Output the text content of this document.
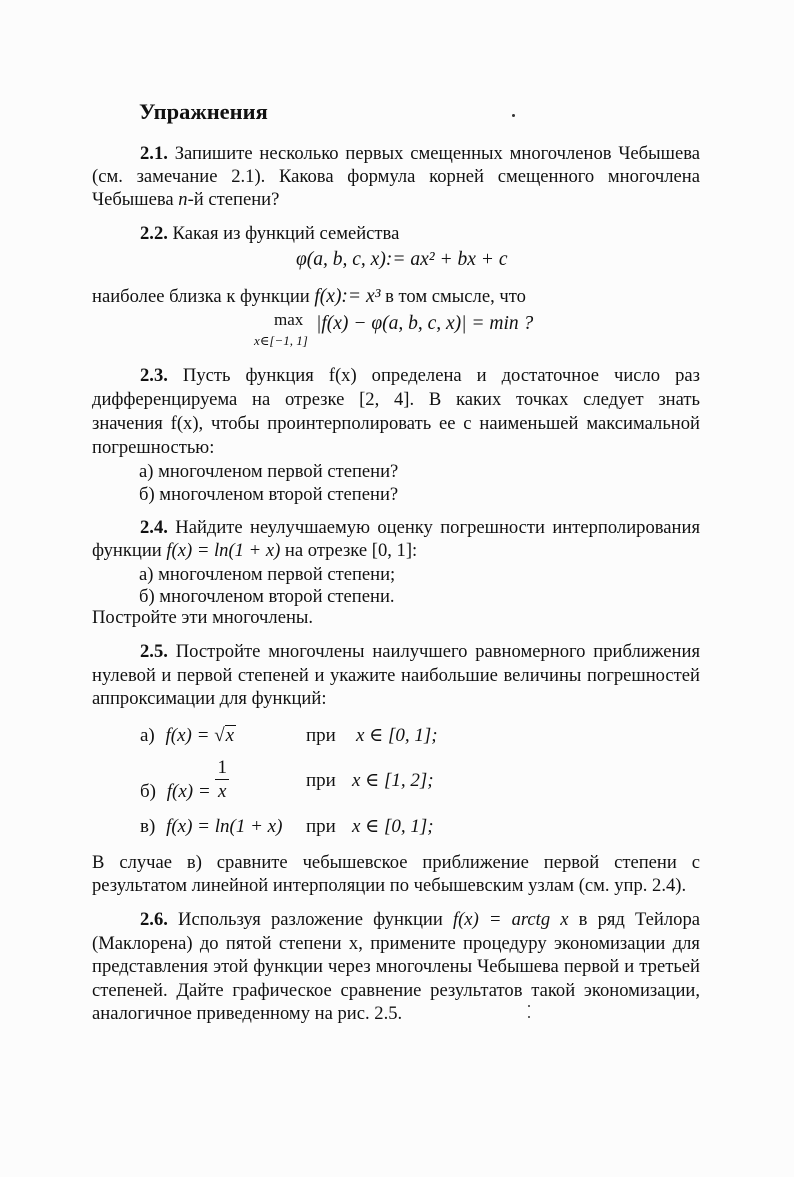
Упражнения
2.1. Запишите несколько первых смещенных многочленов Чебышева
(см. замечание 2.1). Какова формула корней смещенного многочлена
Чебышева n-й степени?
2.2. Какая из функций семейства
φ(a, b, c, x):= ax² + bx + c
наиболее близка к функции f(x):= x³ в том смысле, что
max
x∈[−1, 1]
|f(x) − φ(a, b, c, x)| = min ?
2.3. Пусть функция f(x) определена и достаточное число раз
дифференцируема на отрезке [2, 4]. В каких точках следует знать
значения f(x), чтобы проинтерполировать ее с наименьшей максимальной
погрешностью:
а) многочленом первой степени?
б) многочленом второй степени?
2.4. Найдите неулучшаемую оценку погрешности интерполирования
функции f(x) = ln(1 + x) на отрезке [0, 1]:
а) многочленом первой степени;
б) многочленом второй степени.
Постройте эти многочлены.
2.5. Постройте многочлены наилучшего равномерного приближения
нулевой и первой степеней и укажите наибольшие величины погрешностей
аппроксимации для функций:
а) f(x) = √x	при x ∈ [0, 1];
б) $f(x) = \frac{1}{x}$	при x ∈ [1, 2];
в) f(x) = ln(1 + x) при x ∈ [0, 1];
В случае в) сравните чебышевское приближение первой степени с
результатом линейной интерполяции по чебышевским узлам (см. упр. 2.4).
2.6. Используя разложение функции f(x) = arctg x в ряд Тейлора
(Маклорена) до пятой степени x, примените процедуру экономизации для
представления этой функции через многочлены Чебышева первой и третьей
степеней. Дайте графическое сравнение результатов такой экономизации,
аналогичное приведенному на рис. 2.5.
